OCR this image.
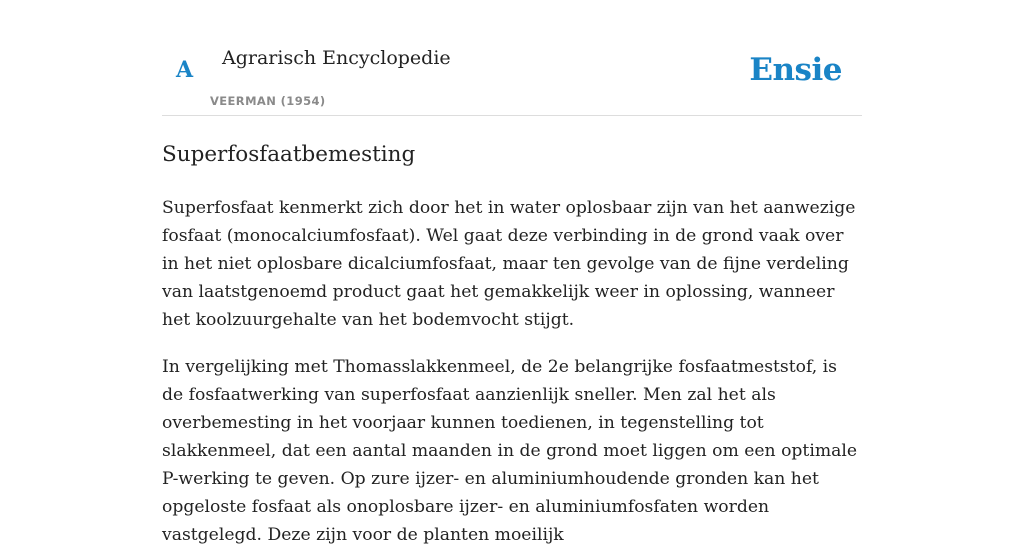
A Agrarisch Encyclopedie
VEERMAN (1954)
Ensie
Superfosfaatbemesting

Superfosfaat kenmerkt zich door het in water oplosbaar zijn van het aanwezige fosfaat (monocalciumfosfaat). Wel gaat deze verbinding in de grond vaak over in het niet oplosbare dicalciumfosfaat, maar ten gevolge van de fijne verdeling van laatstgenoemd product gaat het gemakkelijk weer in oplossing, wanneer het koolzuurgehalte van het bodemvocht stijgt.

In vergelijking met Thomasslakkenmeel, de 2e belangrijke fosfaatmeststof, is de fosfaatwerking van superfosfaat aanzienlijk sneller. Men zal het als overbemesting in het voorjaar kunnen toedienen, in tegenstelling tot slakkenmeel, dat een aantal maanden in de grond moet liggen om een optimale P-werking te geven. Op zure ijzer- en aluminiumhoudende gronden kan het opgeloste fosfaat als onoplosbare ijzer- en aluminiumfosfaten worden vastgelegd. Deze zijn voor de planten moeilijk
